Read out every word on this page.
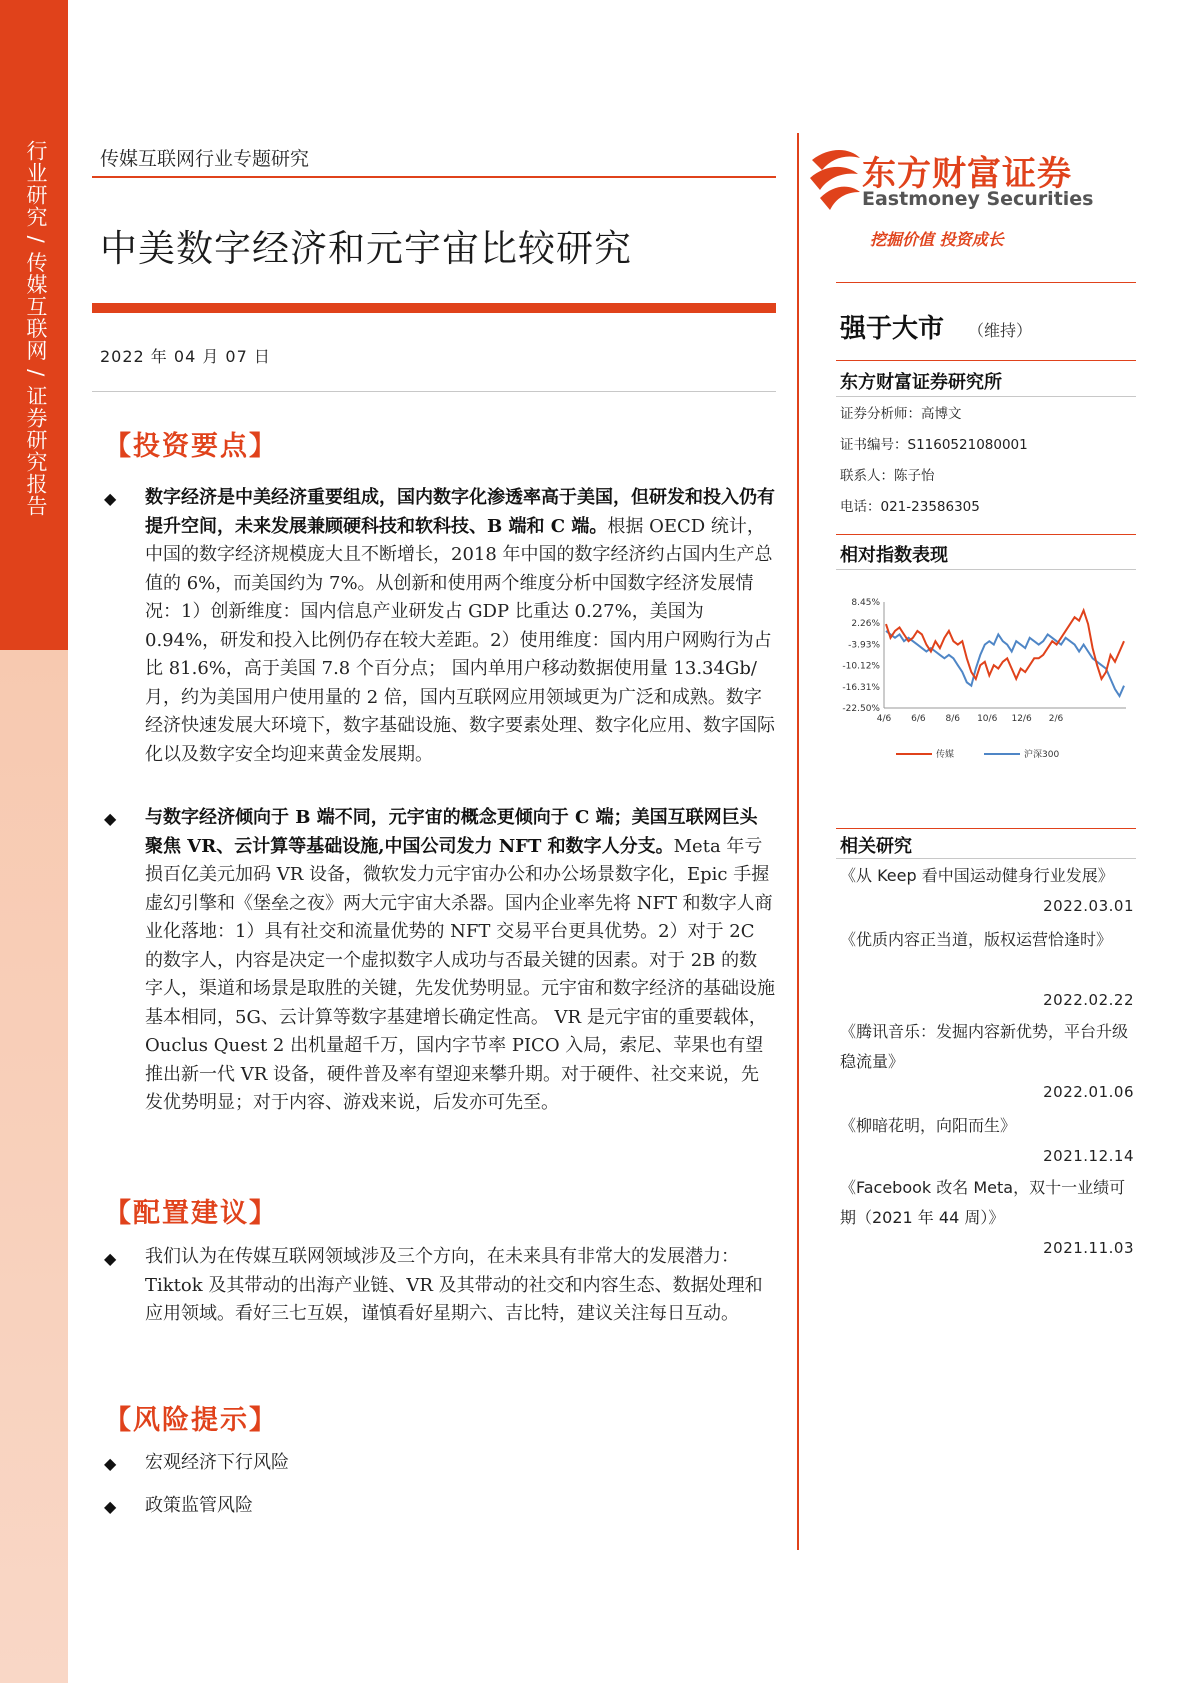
行业研究 / 传媒互联网 / 证券研究报告	传媒互联网行业专题研究
中美数字经济和元宇宙比较研究
2022 年 04 月 07 日
【投资要点】
◆ 数字经济是中美经济重要组成，国内数字化渗透率高于美国，但研发和投入仍有提升空间，未来发展兼顾硬科技和软科技、B 端和 C 端。根据 OECD 统计，中国的数字经济规模庞大且不断增长，2018 年中国的数字经济约占国内生产总值的 6%，而美国约为 7%。从创新和使用两个维度分析中国数字经济发展情况：1）创新维度：国内信息产业研发占 GDP 比重达 0.27%，美国为 0.94%，研发和投入比例仍存在较大差距。2）使用维度：国内用户网购行为占比 81.6%，高于美国 7.8 个百分点； 国内单用户移动数据使用量 13.34Gb/月，约为美国用户使用量的 2 倍，国内互联网应用领域更为广泛和成熟。数字经济快速发展大环境下，数字基础设施、数字要素处理、数字化应用、数字国际化以及数字安全均迎来黄金发展期。
◆ 与数字经济倾向于 B 端不同，元宇宙的概念更倾向于 C 端；美国互联网巨头聚焦 VR、云计算等基础设施,中国公司发力 NFT 和数字人分支。Meta 年亏损百亿美元加码 VR 设备，微软发力元宇宙办公和办公场景数字化，Epic 手握虚幻引擎和《堡垒之夜》两大元宇宙大杀器。国内企业率先将 NFT 和数字人商业化落地：1）具有社交和流量优势的 NFT 交易平台更具优势。2）对于 2C 的数字人，内容是决定一个虚拟数字人成功与否最关键的因素。对于 2B 的数字人，渠道和场景是取胜的关键，先发优势明显。元宇宙和数字经济的基础设施基本相同，5G、云计算等数字基建增长确定性高。 VR 是元宇宙的重要载体，Ouclus Quest 2 出机量超千万，国内字节率 PICO 入局，索尼、苹果也有望推出新一代 VR 设备，硬件普及率有望迎来攀升期。对于硬件、社交来说，先发优势明显；对于内容、游戏来说，后发亦可先至。
【配置建议】
◆ 我们认为在传媒互联网领域涉及三个方向，在未来具有非常大的发展潜力：Tiktok 及其带动的出海产业链、VR 及其带动的社交和内容生态、数据处理和应用领域。看好三七互娱，谨慎看好星期六、吉比特，建议关注每日互动。
【风险提示】
◆ 宏观经济下行风险
◆ 政策监管风险
东方财富证券
Eastmoney Securities
挖掘价值 投资成长
强于大市 （维持）
东方财富证券研究所
证券分析师：高博文
证书编号：S1160521080001
联系人：陈子怡
电话：021-23586305
相对指数表现
8.45%
2.26%
-3.93%
-10.12%
-16.31%
-22.50%
4/6 6/6 8/6 10/6 12/6 2/6
传媒	沪深300
相关研究
《从 Keep 看中国运动健身行业发展》
2022.03.01
《优质内容正当道，版权运营恰逢时》
2022.02.22
《腾讯音乐：发掘内容新优势，平台升级稳流量》
2022.01.06
《柳暗花明，向阳而生》
2021.12.14
《Facebook 改名 Meta，双十一业绩可期（2021 年 44 周）》
2021.11.03
